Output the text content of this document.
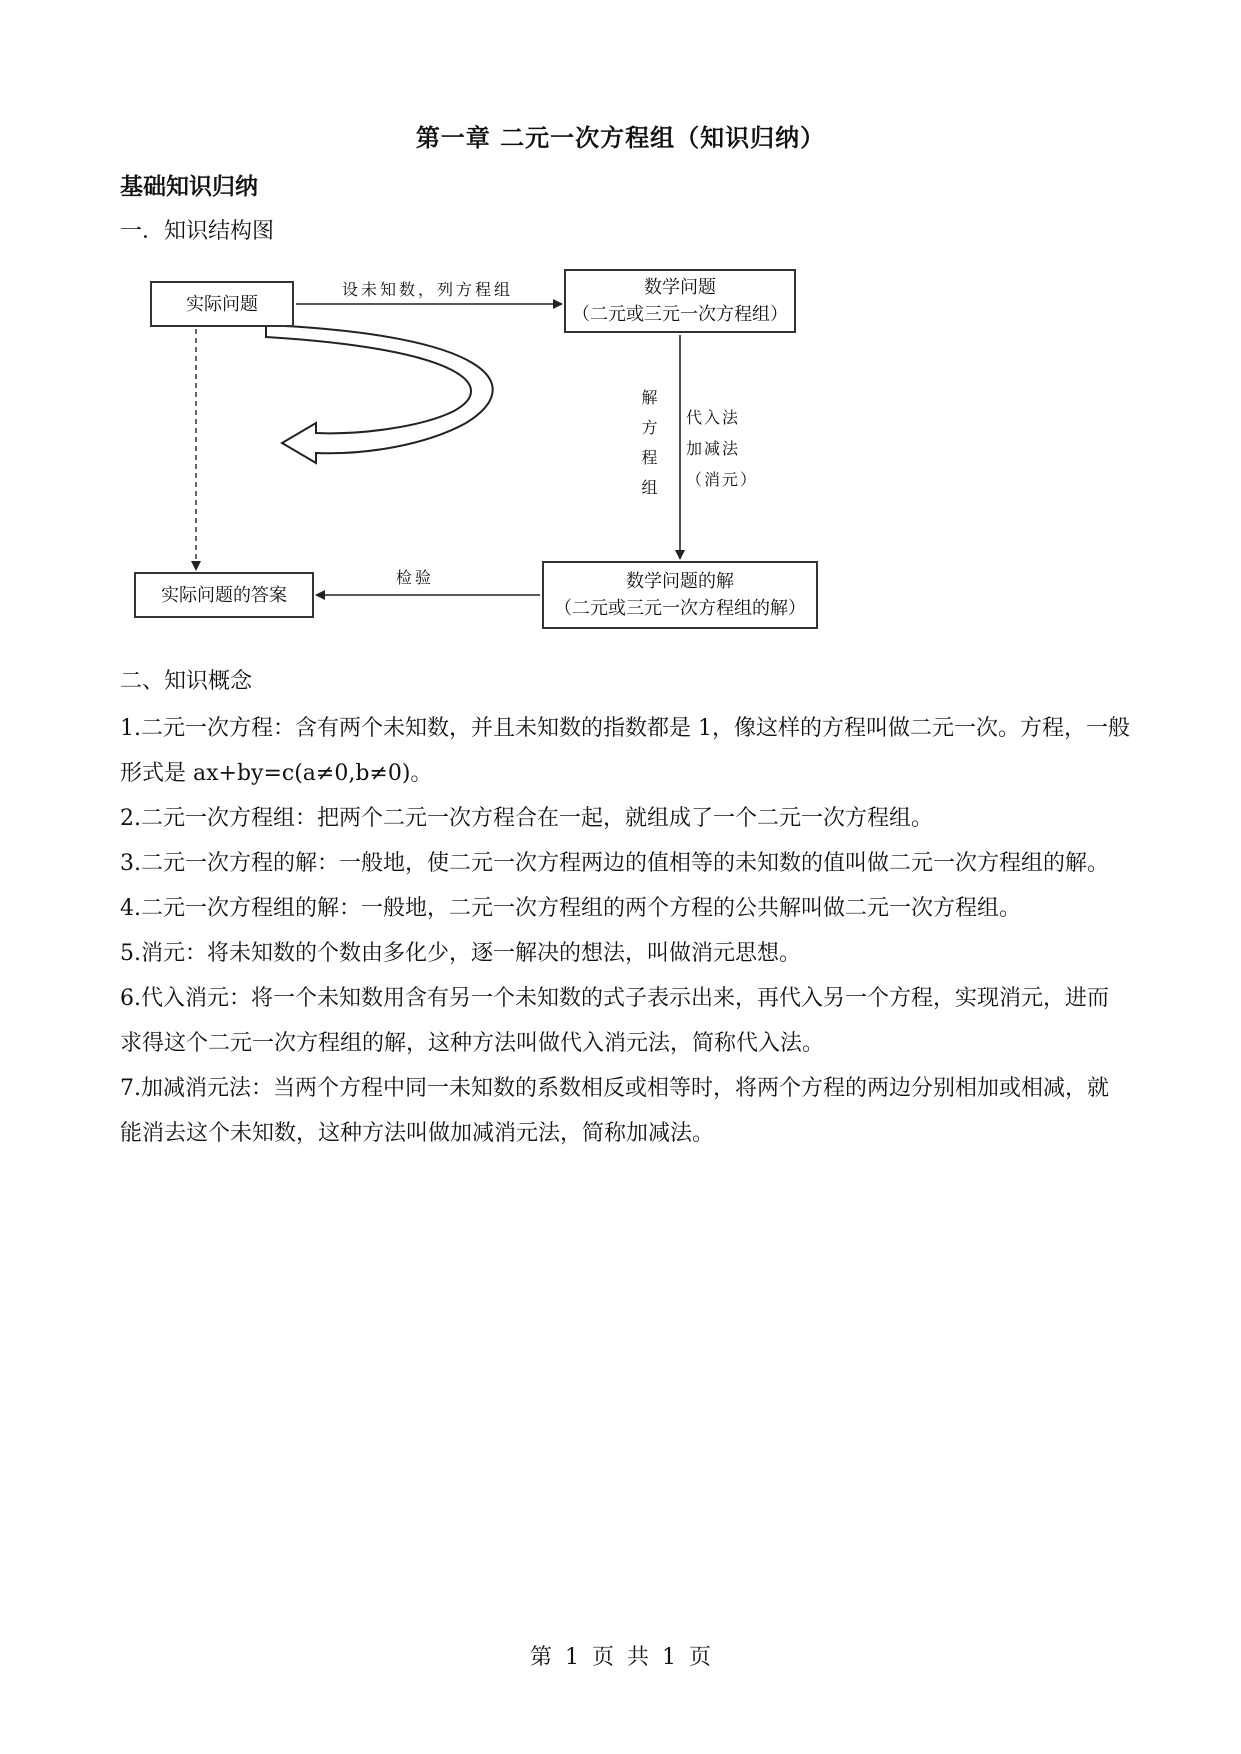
第一章 二元一次方程组（知识归纳）
基础知识归纳
一．知识结构图
实际问题
数学问题
（二元或三元一次方程组）
数学问题的解
（二元或三元一次方程组的解）
实际问题的答案
设未知数，列方程组
解方程组 代入法
加减法
（消元）
检验
二、知识概念

1.二元一次方程：含有两个未知数，并且未知数的指数都是 1，像这样的方程叫做二元一次。方程，一般形式是 ax+by=c(a≠0,b≠0)。

2.二元一次方程组：把两个二元一次方程合在一起，就组成了一个二元一次方程组。

3.二元一次方程的解：一般地，使二元一次方程两边的值相等的未知数的值叫做二元一次方程组的解。

4.二元一次方程组的解：一般地，二元一次方程组的两个方程的公共解叫做二元一次方程组。

5.消元：将未知数的个数由多化少，逐一解决的想法，叫做消元思想。

6.代入消元：将一个未知数用含有另一个未知数的式子表示出来，再代入另一个方程，实现消元，进而求得这个二元一次方程组的解，这种方法叫做代入消元法，简称代入法。

7.加减消元法：当两个方程中同一未知数的系数相反或相等时，将两个方程的两边分别相加或相减，就能消去这个未知数，这种方法叫做加减消元法，简称加减法。

第 1 页 共 1 页
